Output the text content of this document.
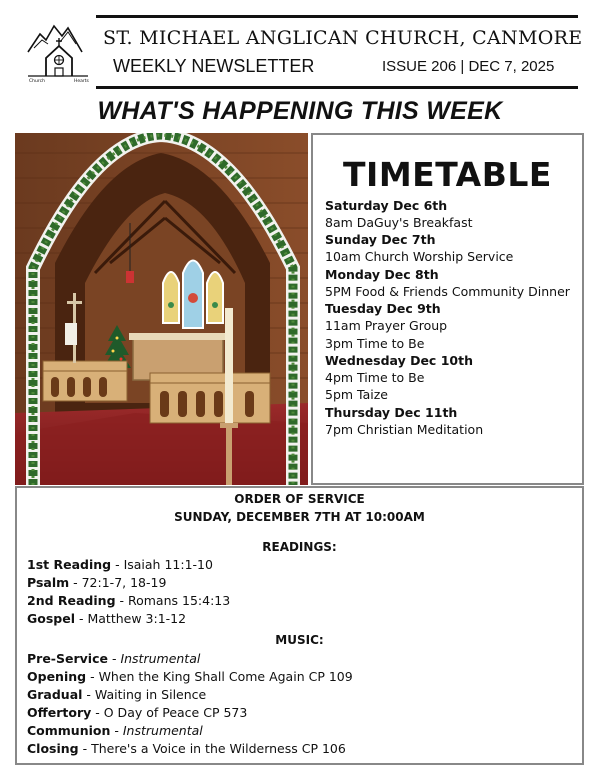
Church	Hearts
ST. MICHAEL ANGLICAN CHURCH, CANMORE
WEEKLY NEWSLETTER	ISSUE 206 | DEC 7, 2025
WHAT'S HAPPENING THIS WEEK
TIMETABLE
Saturday Dec 6th
8am DaGuy's Breakfast
Sunday Dec 7th
10am Church Worship Service
Monday Dec 8th
5PM Food & Friends Community Dinner
Tuesday Dec 9th
11am Prayer Group
3pm Time to Be
Wednesday Dec 10th
4pm Time to Be
5pm Taize
Thursday Dec 11th
7pm Christian Meditation
ORDER OF SERVICE
SUNDAY, DECEMBER 7TH AT 10:00AM
READINGS:
1st Reading - Isaiah 11:1-10
Psalm - 72:1-7, 18-19
2nd Reading - Romans 15:4:13
Gospel - Matthew 3:1-12
MUSIC:
Pre-Service - Instrumental
Opening - When the King Shall Come Again CP 109
Gradual - Waiting in Silence
Offertory - O Day of Peace CP 573
Communion - Instrumental
Closing - There's a Voice in the Wilderness CP 106
